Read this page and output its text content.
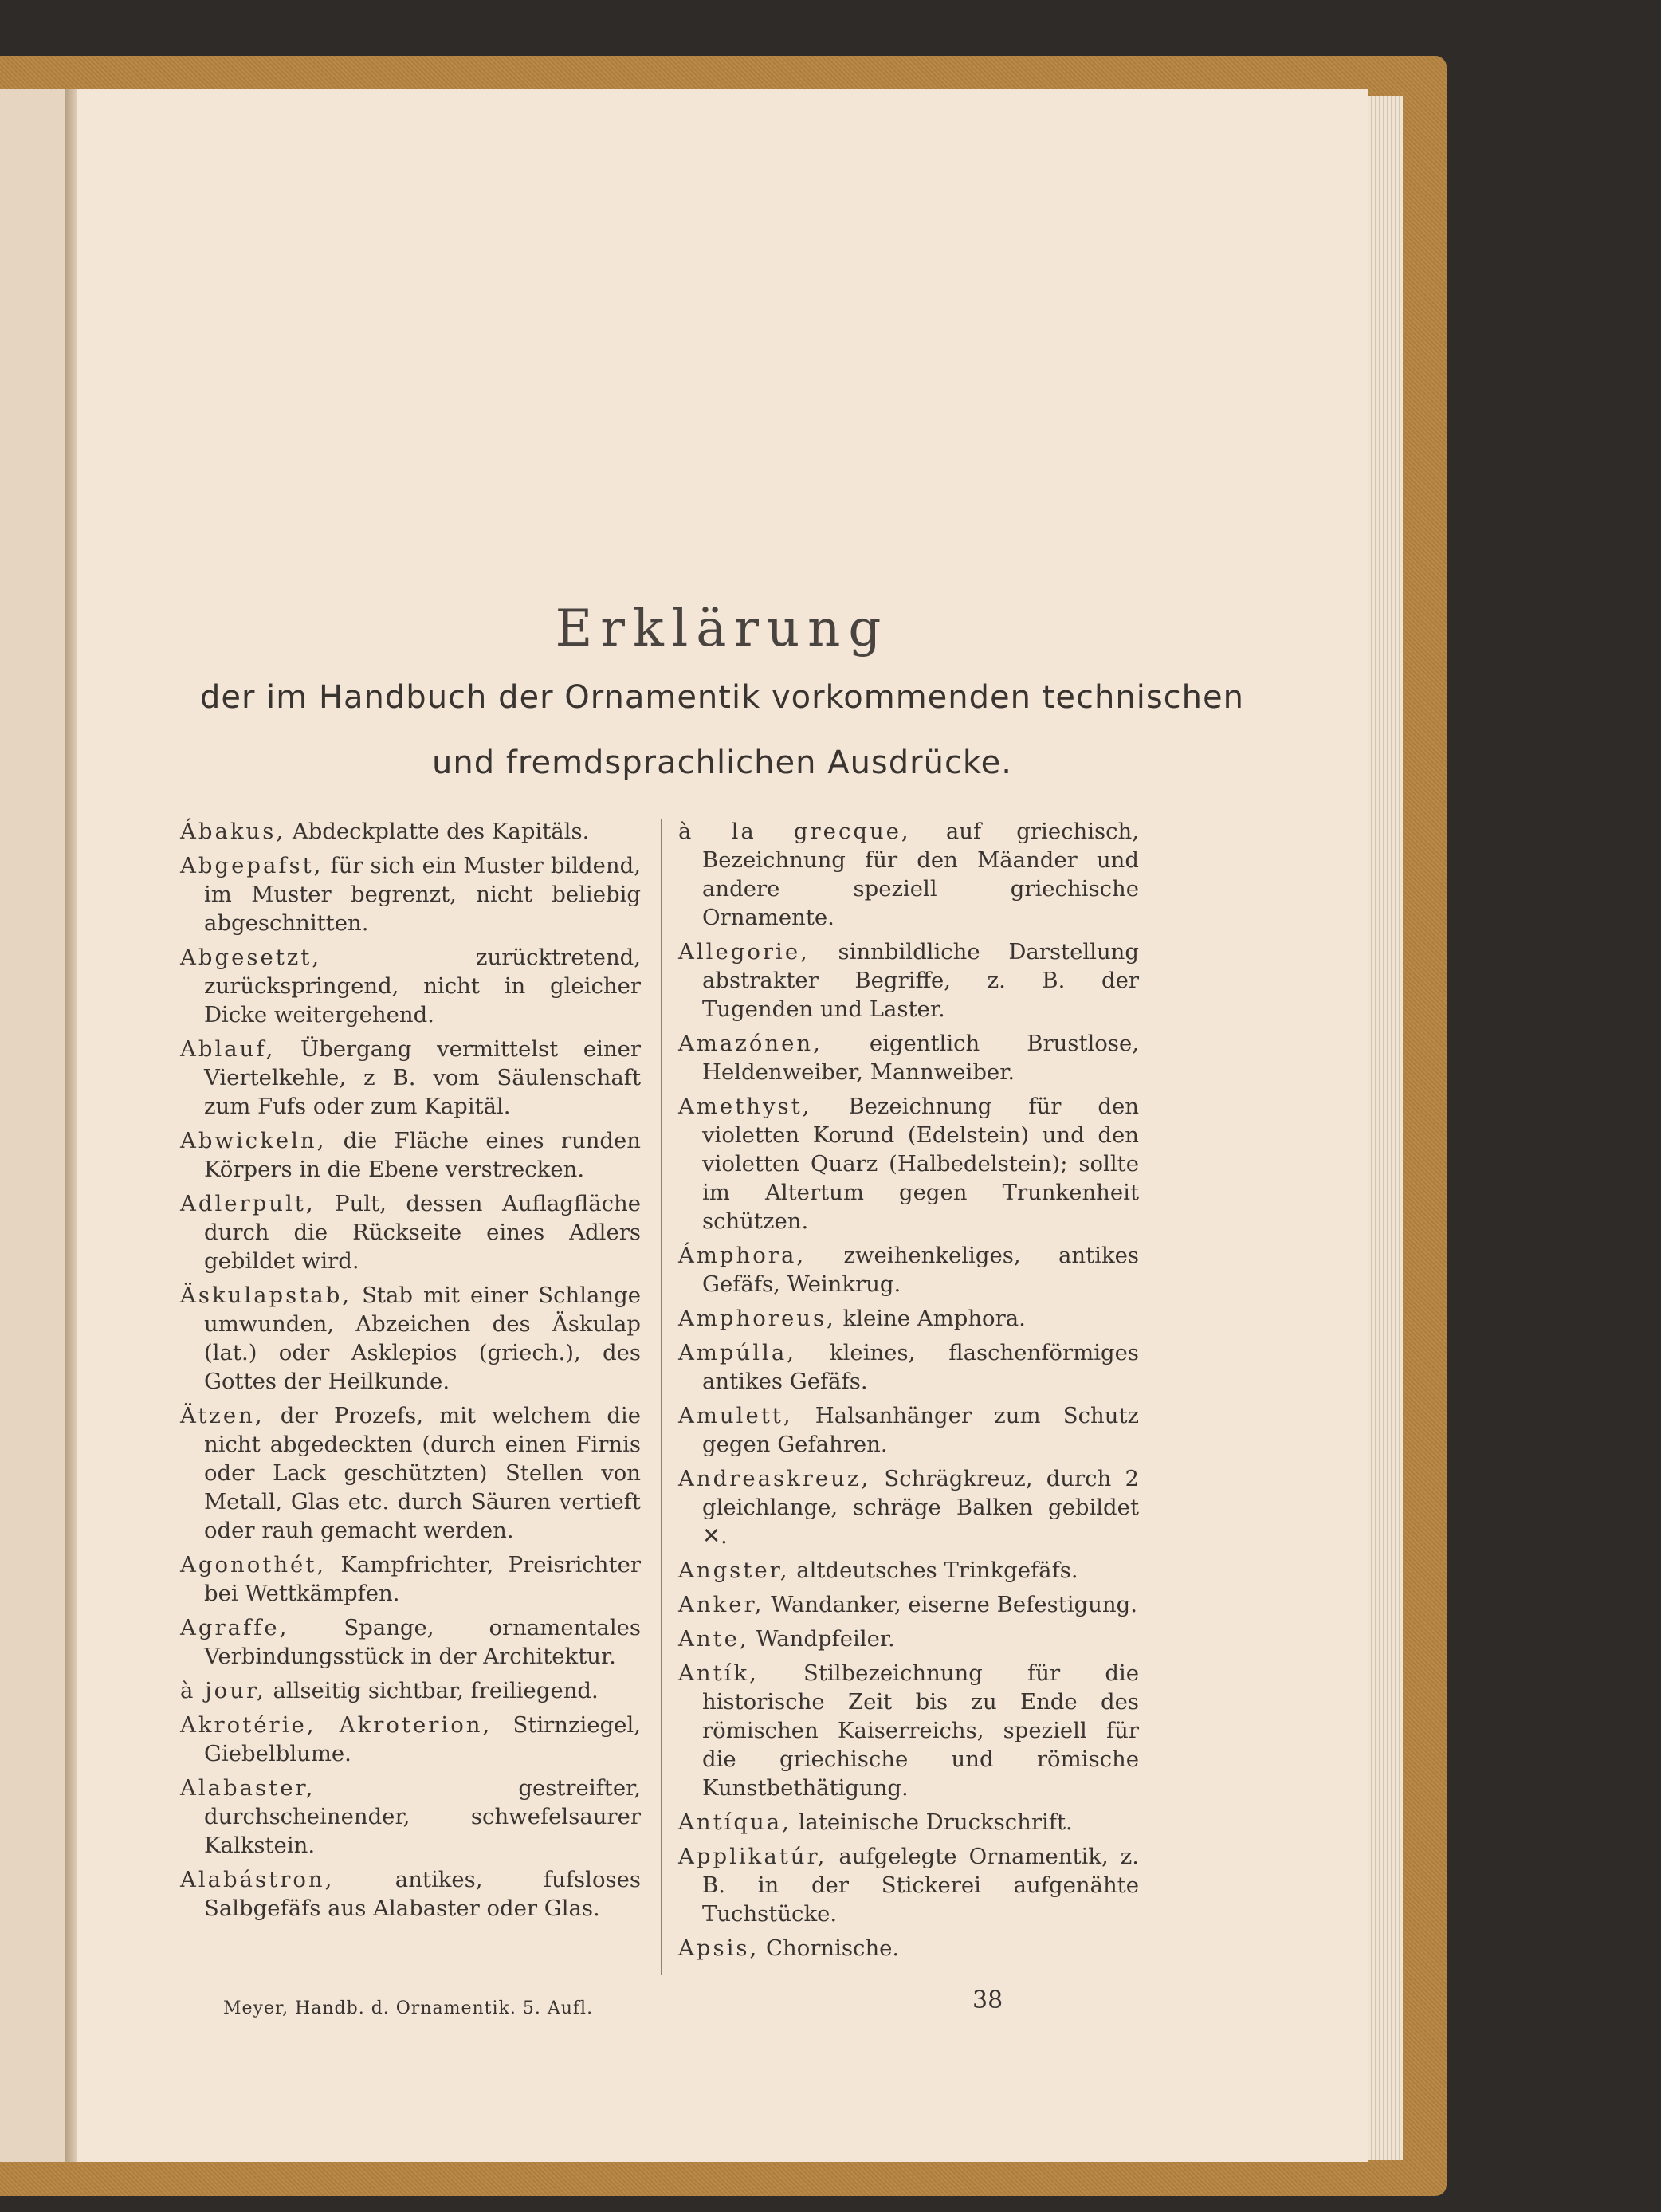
Erklärung
der im Handbuch der Ornamentik vorkommenden technischen
und fremdsprachlichen Ausdrücke.

Ábakus, Abdeckplatte des Kapitäls.

Abgepafst, für sich ein Muster bildend, im Muster begrenzt, nicht beliebig abgeschnitten.

Abgesetzt, zurücktretend, zurückspringend, nicht in gleicher Dicke weitergehend.

Ablauf, Übergang vermittelst einer Viertelkehle, z B. vom Säulenschaft zum Fufs oder zum Kapitäl.

Abwickeln, die Fläche eines runden Körpers in die Ebene verstrecken.

Adlerpult, Pult, dessen Auflagfläche durch die Rückseite eines Adlers gebildet wird.

Äskulapstab, Stab mit einer Schlange umwunden, Abzeichen des Äskulap (lat.) oder Asklepios (griech.), des Gottes der Heilkunde.

Ätzen, der Prozefs, mit welchem die nicht abgedeckten (durch einen Firnis oder Lack geschützten) Stellen von Metall, Glas etc. durch Säuren vertieft oder rauh gemacht werden.

Agonothét, Kampfrichter, Preisrichter bei Wettkämpfen.

Agraffe, Spange, ornamentales Verbindungsstück in der Architektur.

à jour, allseitig sichtbar, freiliegend.

Akrotérie, Akroterion, Stirnziegel, Giebelblume.

Alabaster, gestreifter, durchscheinender, schwefelsaurer Kalkstein.

Alabástron, antikes, fufsloses Salbgefäfs aus Alabaster oder Glas.

à la grecque, auf griechisch, Bezeichnung für den Mäander und andere speziell griechische Ornamente.

Allegorie, sinnbildliche Darstellung abstrakter Begriffe, z. B. der Tugenden und Laster.

Amazónen, eigentlich Brustlose, Heldenweiber, Mannweiber.

Amethyst, Bezeichnung für den violetten Korund (Edelstein) und den violetten Quarz (Halbedelstein); sollte im Altertum gegen Trunkenheit schützen.

Ámphora, zweihenkeliges, antikes Gefäfs, Weinkrug.

Amphoreus, kleine Amphora.

Ampúlla, kleines, flaschenförmiges antikes Gefäfs.

Amulett, Halsanhänger zum Schutz gegen Gefahren.

Andreaskreuz, Schrägkreuz, durch 2 gleichlange, schräge Balken gebildet ✕.

Angster, altdeutsches Trinkgefäfs.

Anker, Wandanker, eiserne Befestigung.

Ante, Wandpfeiler.

Antík, Stilbezeichnung für die historische Zeit bis zu Ende des römischen Kaiserreichs, speziell für die griechische und römische Kunstbethätigung.

Antíqua, lateinische Druckschrift.

Applikatúr, aufgelegte Ornamentik, z. B. in der Stickerei aufgenähte Tuchstücke.

Apsis, Chornische.

Meyer, Handb. d. Ornamentik. 5. Aufl.	38
